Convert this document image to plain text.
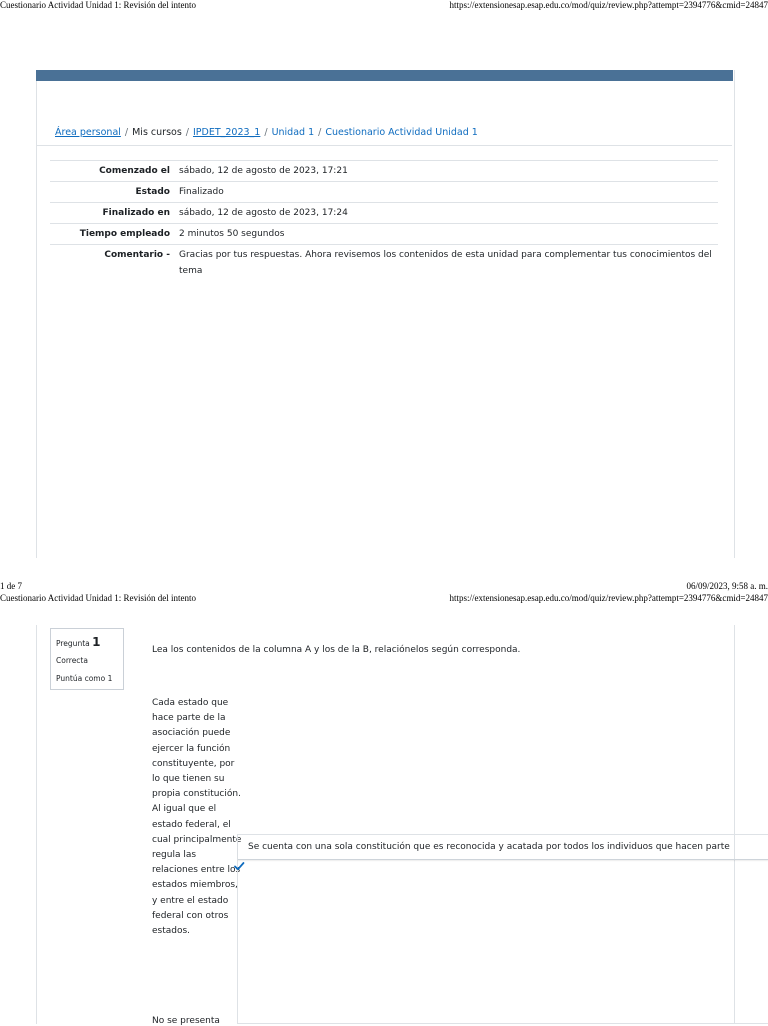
Cuestionario Actividad Unidad 1: Revisión del intento	https://extensionesap.esap.edu.co/mod/quiz/review.php?attempt=2394776&cmid=24847
Área personal / Mis cursos / IPDET_2023_1 / Unidad 1 / Cuestionario Actividad Unidad 1
Comenzado el	sábado, 12 de agosto de 2023, 17:21
Estado	Finalizado
Finalizado en	sábado, 12 de agosto de 2023, 17:24
Tiempo empleado	2 minutos 50 segundos
Comentario -	Gracias por tus respuestas. Ahora revisemos los contenidos de esta unidad para complementar tus conocimientos del tema
1 de 7	06/09/2023, 9:58 a. m.
Cuestionario Actividad Unidad 1: Revisión del intento	https://extensionesap.esap.edu.co/mod/quiz/review.php?attempt=2394776&cmid=24847
Pregunta 1
Correcta
Puntúa como 1
Lea los contenidos de la columna A y los de la B, relaciónelos según corresponda.
Cada estado que hace parte de la asociación puede ejercer la función constituyente, por lo que tienen su propia constitución. Al igual que el estado federal, el cual principalmente regula las relaciones entre los estados miembros, y entre el estado federal con otros estados.
Se cuenta con una sola constitución que es reconocida y acatada por todos los individuos que hacen parte
No se presenta
